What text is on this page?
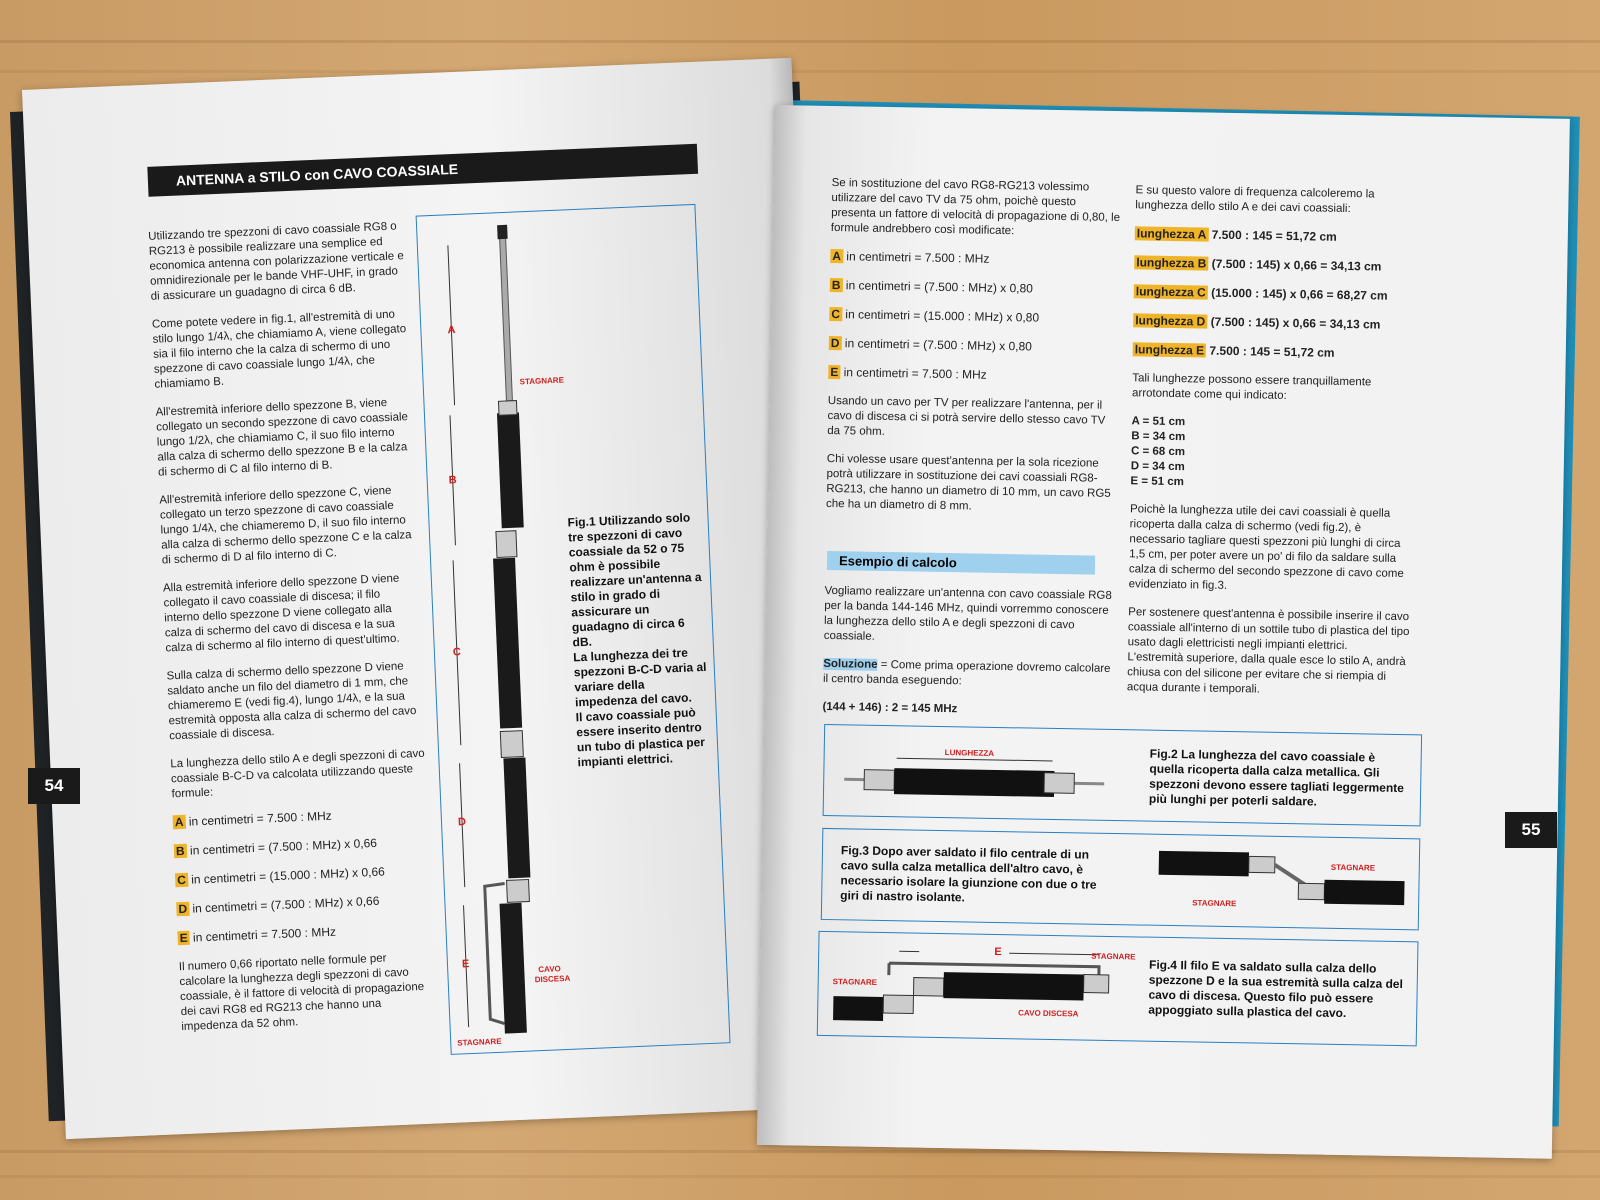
ANTENNA a STILO con CAVO COASSIALE

Utilizzando tre spezzoni di cavo coassiale RG8 o RG213 è possibile realizzare una semplice ed economica antenna con polarizzazione verticale e omnidirezionale per le bande VHF-UHF, in grado di assicurare un guadagno di circa 6 dB.

Come potete vedere in fig.1, all'estremità di uno stilo lungo 1/4λ, che chiamiamo A, viene collegato sia il filo interno che la calza di schermo di uno spezzone di cavo coassiale lungo 1/4λ, che chiamiamo B.

All'estremità inferiore dello spezzone B, viene collegato un secondo spezzone di cavo coassiale lungo 1/2λ, che chiamiamo C, il suo filo interno alla calza di schermo dello spezzone B e la calza di schermo di C al filo interno di B.

All'estremità inferiore dello spezzone C, viene collegato un terzo spezzone di cavo coassiale lungo 1/4λ, che chiameremo D, il suo filo interno alla calza di schermo dello spezzone C e la calza di schermo di D al filo interno di C.

Alla estremità inferiore dello spezzone D viene collegato il cavo coassiale di discesa; il filo interno dello spezzone D viene collegato alla calza di schermo del cavo di discesa e la sua calza di schermo al filo interno di quest'ultimo.

Sulla calza di schermo dello spezzone D viene saldato anche un filo del diametro di 1 mm, che chiameremo E (vedi fig.4), lungo 1/4λ, e la sua estremità opposta alla calza di schermo del cavo coassiale di discesa.

La lunghezza dello stilo A e degli spezzoni di cavo coassiale B-C-D va calcolata utilizzando queste formule:

A in centimetri = 7.500 : MHz
B in centimetri = (7.500 : MHz) x 0,66
C in centimetri = (15.000 : MHz) x 0,66
D in centimetri = (7.500 : MHz) x 0,66
E in centimetri = 7.500 : MHz

Il numero 0,66 riportato nelle formule per calcolare la lunghezza degli spezzoni di cavo coassiale, è il fattore di velocità di propagazione dei cavi RG8 ed RG213 che hanno una impedenza da 52 ohm.

A
B
C
D
E
STAGNARE
CAVO
DISCESA
STAGNARE
Fig.1 Utilizzando solo tre spezzoni di cavo coassiale da 52 o 75 ohm è possibile realizzare un'antenna a stilo in grado di assicurare un guadagno di circa 6 dB.
La lunghezza dei tre spezzoni B-C-D varia al variare della impedenza del cavo.
Il cavo coassiale può essere inserito dentro un tubo di plastica per impianti elettrici.
54

Se in sostituzione del cavo RG8-RG213 volessimo utilizzare del cavo TV da 75 ohm, poichè questo presenta un fattore di velocità di propagazione di 0,80, le formule andrebbero così modificate:

A in centimetri = 7.500 : MHz
B in centimetri = (7.500 : MHz) x 0,80
C in centimetri = (15.000 : MHz) x 0,80
D in centimetri = (7.500 : MHz) x 0,80
E in centimetri = 7.500 : MHz

Usando un cavo per TV per realizzare l'antenna, per il cavo di discesa ci si potrà servire dello stesso cavo TV da 75 ohm.

Chi volesse usare quest'antenna per la sola ricezione potrà utilizzare in sostituzione dei cavi coassiali RG8-RG213, che hanno un diametro di 10 mm, un cavo RG5 che ha un diametro di 8 mm.

Esempio di calcolo

Vogliamo realizzare un'antenna con cavo coassiale RG8 per la banda 144-146 MHz, quindi vorremmo conoscere la lunghezza dello stilo A e degli spezzoni di cavo coassiale.

Soluzione = Come prima operazione dovremo calcolare il centro banda eseguendo:

(144 + 146) : 2 = 145 MHz

E su questo valore di frequenza calcoleremo la lunghezza dello stilo A e dei cavi coassiali:

lunghezza A 7.500 : 145 = 51,72 cm
lunghezza B (7.500 : 145) x 0,66 = 34,13 cm
lunghezza C (15.000 : 145) x 0,66 = 68,27 cm
lunghezza D (7.500 : 145) x 0,66 = 34,13 cm
lunghezza E 7.500 : 145 = 51,72 cm

Tali lunghezze possono essere tranquillamente arrotondate come qui indicato:

A = 51 cm
B = 34 cm
C = 68 cm
D = 34 cm
E = 51 cm

Poichè la lunghezza utile dei cavi coassiali è quella ricoperta dalla calza di schermo (vedi fig.2), è necessario tagliare questi spezzoni più lunghi di circa 1,5 cm, per poter avere un po' di filo da saldare sulla calza di schermo del secondo spezzone di cavo come evidenziato in fig.3.

Per sostenere quest'antenna è possibile inserire il cavo coassiale all'interno di un sottile tubo di plastica del tipo usato dagli elettricisti negli impianti elettrici.
L'estremità superiore, dalla quale esce lo stilo A, andrà chiusa con del silicone per evitare che si riempia di acqua durante i temporali.

LUNGHEZZA	Fig.2 La lunghezza del cavo coassiale è quella ricoperta dalla calza metallica. Gli spezzoni devono essere tagliati leggermente più lunghi per poterli saldare.
Fig.3 Dopo aver saldato il filo centrale di un cavo sulla calza metallica dell'altro cavo, è necessario isolare la giunzione con due o tre giri di nastro isolante.
STAGNARE
STAGNARE
E
STAGNARE
STAGNARE
CAVO DISCESA
Fig.4 Il filo E va saldato sulla calza dello spezzone D e la sua estremità sulla calza del cavo di discesa. Questo filo può essere appoggiato sulla plastica del cavo.
55
